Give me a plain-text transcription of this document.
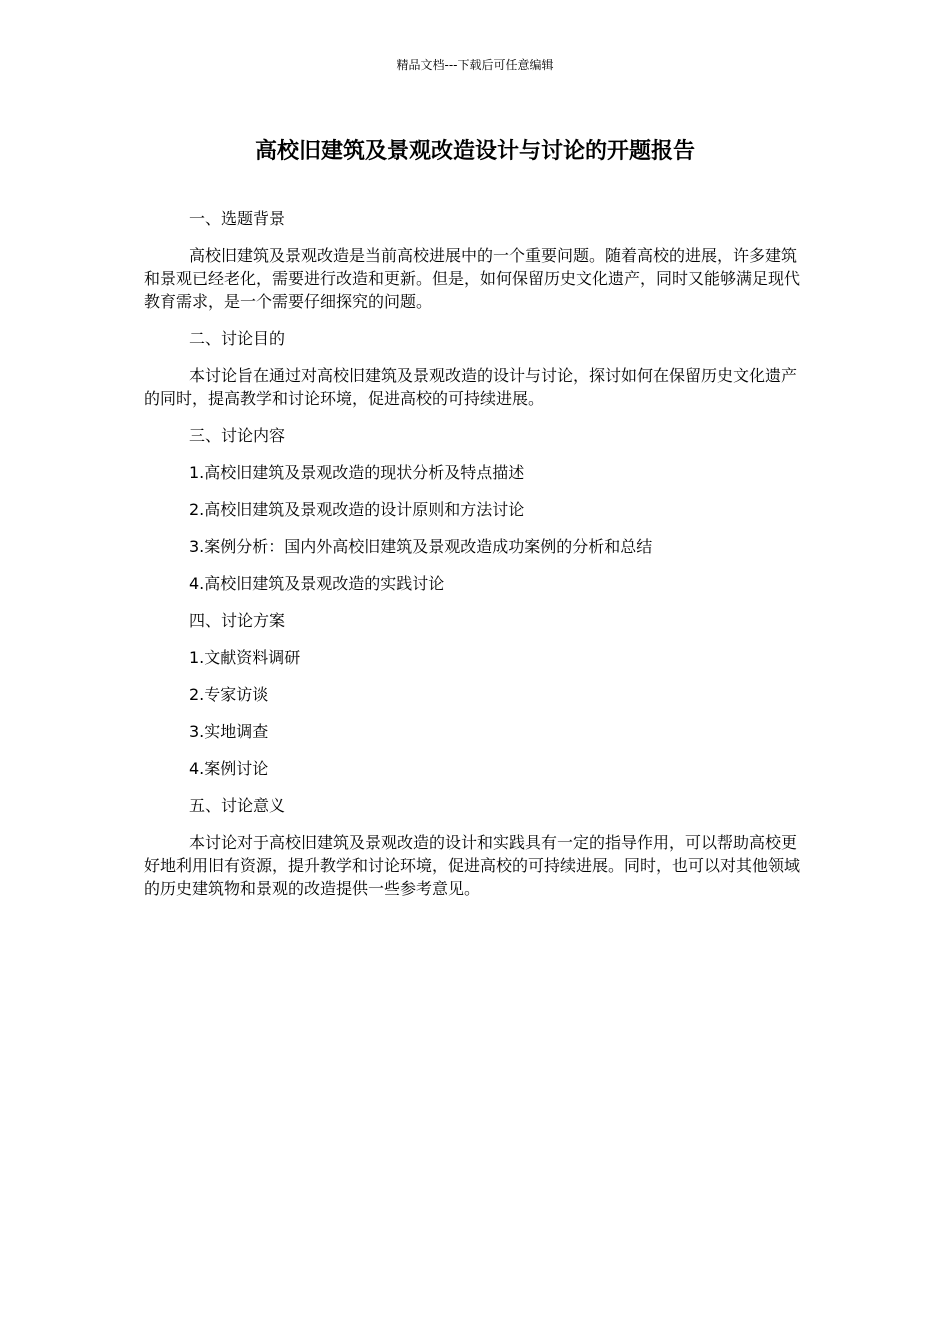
精品文档---下载后可任意编辑
高校旧建筑及景观改造设计与讨论的开题报告

一、选题背景

高校旧建筑及景观改造是当前高校进展中的一个重要问题。随着高校的进展，许多建筑和景观已经老化，需要进行改造和更新。但是，如何保留历史文化遗产，同时又能够满足现代教育需求，是一个需要仔细探究的问题。

二、讨论目的

本讨论旨在通过对高校旧建筑及景观改造的设计与讨论，探讨如何在保留历史文化遗产的同时，提高教学和讨论环境，促进高校的可持续进展。

三、讨论内容

1.高校旧建筑及景观改造的现状分析及特点描述

2.高校旧建筑及景观改造的设计原则和方法讨论

3.案例分析：国内外高校旧建筑及景观改造成功案例的分析和总结

4.高校旧建筑及景观改造的实践讨论

四、讨论方案

1.文献资料调研

2.专家访谈

3.实地调查

4.案例讨论

五、讨论意义

本讨论对于高校旧建筑及景观改造的设计和实践具有一定的指导作用，可以帮助高校更好地利用旧有资源，提升教学和讨论环境，促进高校的可持续进展。同时，也可以对其他领域的历史建筑物和景观的改造提供一些参考意见。
